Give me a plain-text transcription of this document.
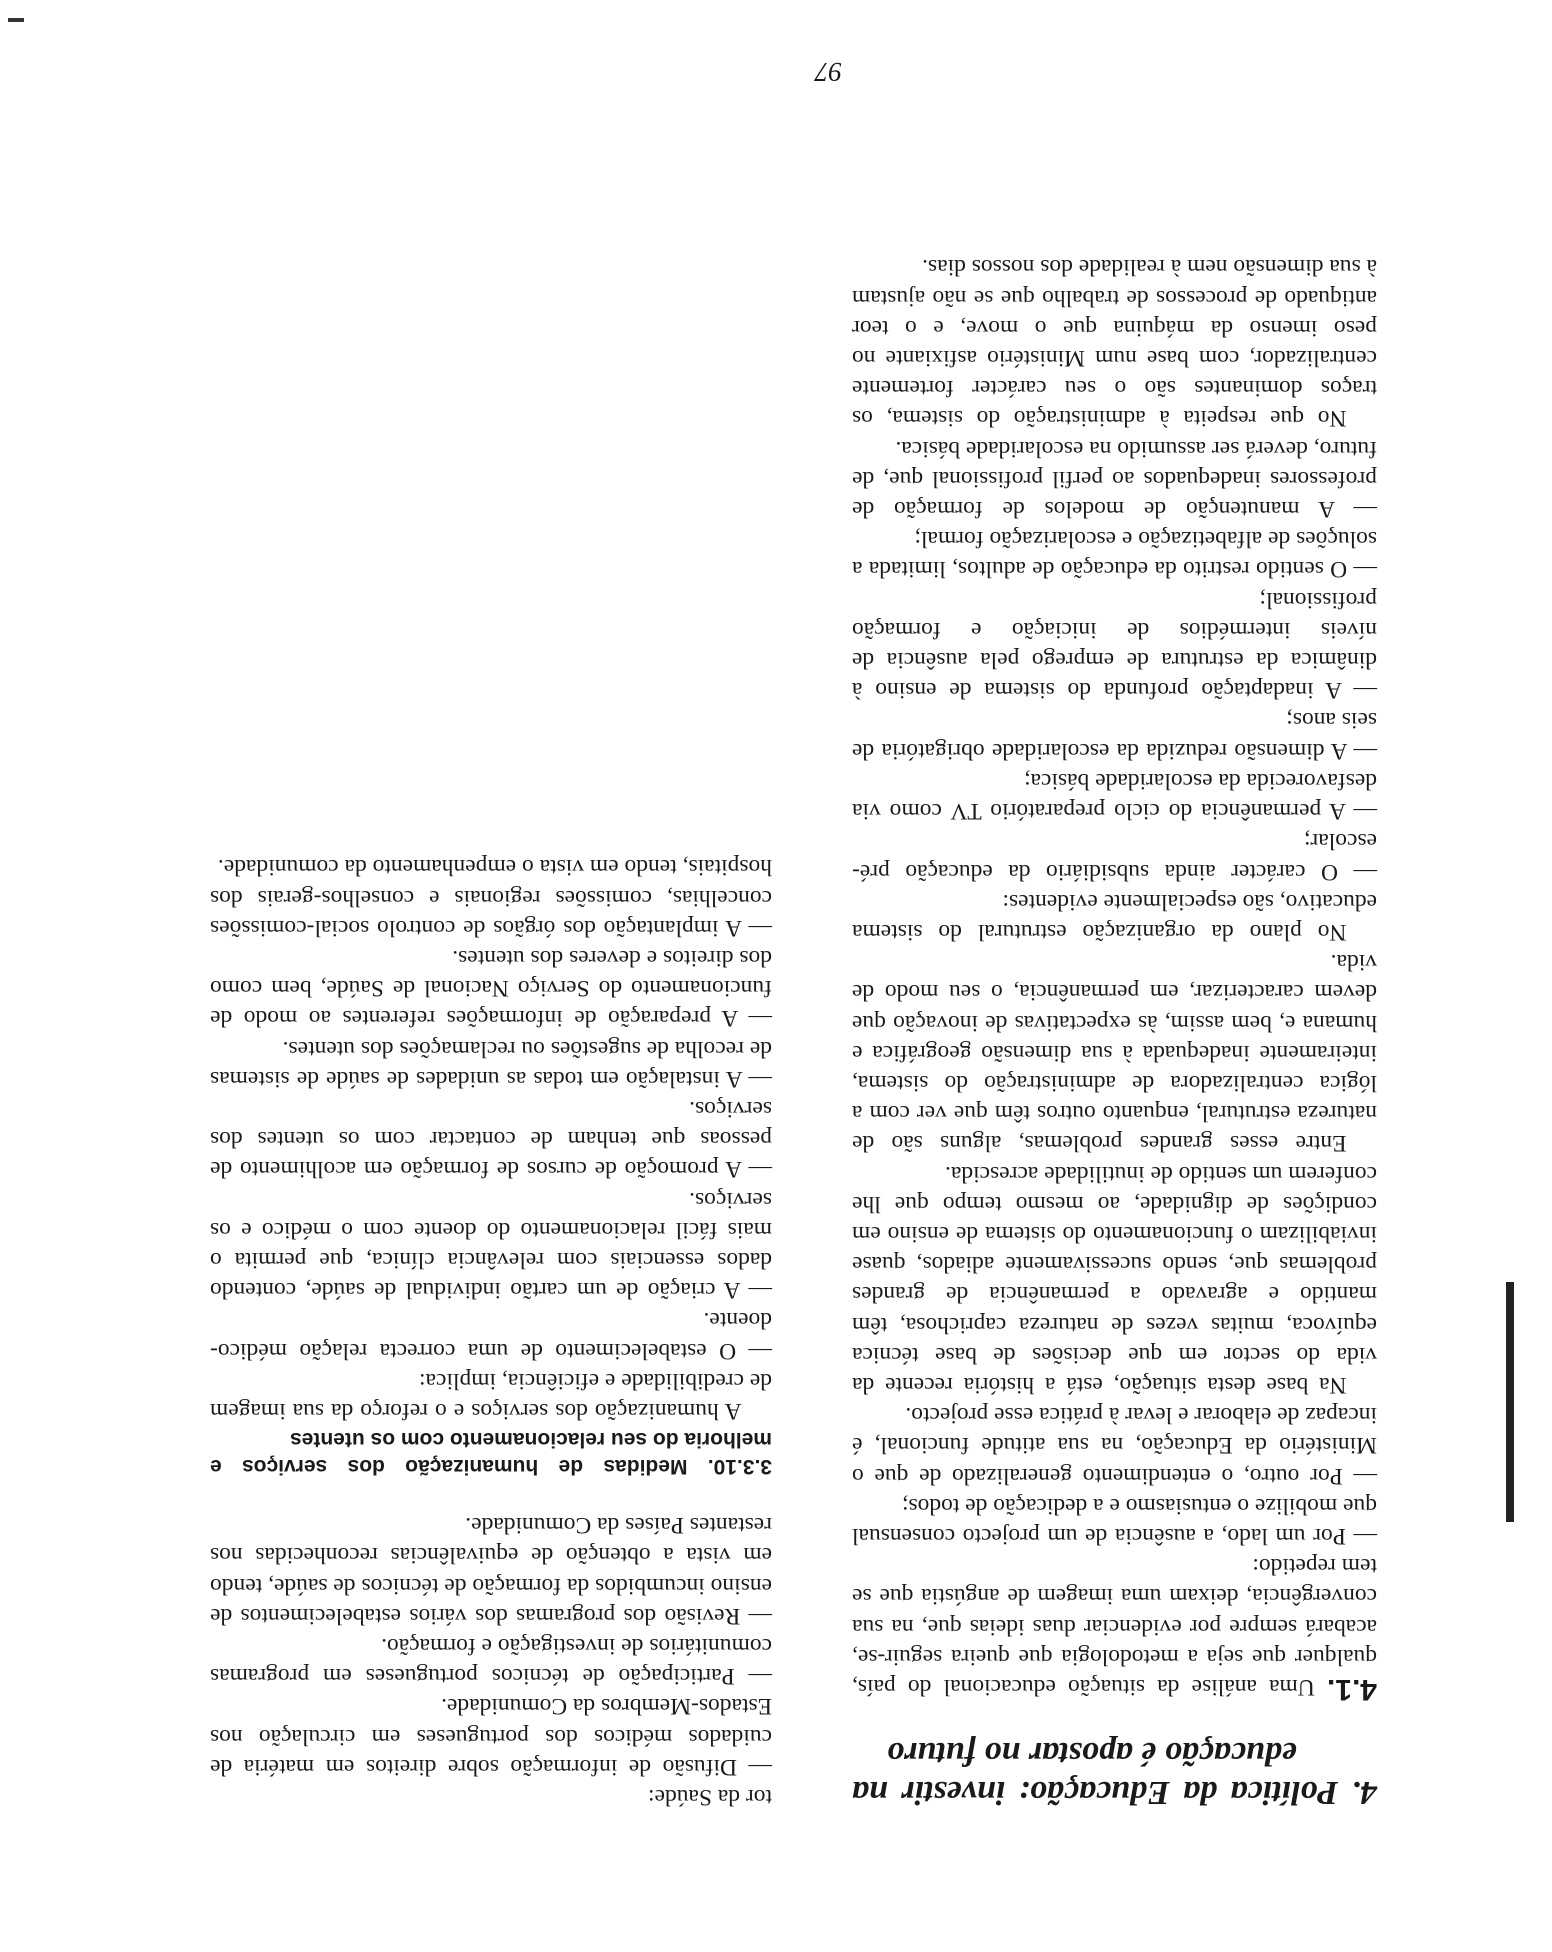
4. Política da Educação: investir na educação é apostar no futuro

4.1. Uma análise da situação educacional do país, qualquer que seja a metodologia que queira seguir-se, acabará sempre por evidenciar duas ideias que, na sua convergência, deixam uma imagem de angústia que se tem repetido:

— Por um lado, a ausência de um projecto consensual que mobilize o entusiasmo e a dedicação de todos;

— Por outro, o entendimento generalizado de que o Ministério da Educação, na sua atitude funcional, é incapaz de elaborar e levar à prática esse projecto.

Na base desta situação, está a história recente da vida do sector em que decisões de base técnica equívoca, muitas vezes de natureza caprichosa, têm mantido e agravado a permanência de grandes problemas que, sendo sucessivamente adiados, quase inviabilizam o funcionamento do sistema de ensino em condições de dignidade, ao mesmo tempo que lhe conferem um sentido de inutilidade acrescida.

Entre esses grandes problemas, alguns são de natureza estrutural, enquanto outros têm que ver com a lógica centralizadora de administração do sistema, inteiramente inadequada à sua dimensão geográfica e humana e, bem assim, às expectativas de inovação que devem caracterizar, em permanência, o seu modo de vida.

No plano da organização estrutural do sistema educativo, são especialmente evidentes:

— O carácter ainda subsidiário da educação pré-escolar;

— A permanência do ciclo preparatório TV como via desfavorecida da escolaridade básica;

— A dimensão reduzida da escolaridade obrigatória de seis anos;

— A inadaptação profunda do sistema de ensino à dinâmica da estrutura de emprego pela ausência de níveis intermédios de iniciação e formação profissional;

— O sentido restrito da educação de adultos, limitada a soluções de alfabetização e escolarização formal;

— A manutenção de modelos de formação de professores inadequados ao perfil profissional que, de futuro, deverá ser assumido na escolaridade básica.

No que respeita à administração do sistema, os traços dominantes são o seu carácter fortemente centralizador, com base num Ministério asfixiante no peso imenso da máquina que o move, e o teor antiquado de processos de trabalho que se não ajustam à sua dimensão nem à realidade dos nossos dias.

tor da Saúde:

— Difusão de informação sobre direitos em matéria de cuidados médicos dos portugueses em circulação nos Estados-Membros da Comunidade.

— Participação de técnicos portugueses em programas comunitários de investigação e formação.

— Revisão dos programas dos vários estabelecimentos de ensino incumbidos da formação de técnicos de saúde, tendo em vista a obtenção de equivalências reconhecidas nos restantes Países da Comunidade.

3.3.10. Medidas de humanização dos serviços e melhoria do seu relacionamento com os utentes

A humanização dos serviços e o reforço da sua imagem de credibilidade e eficiência, implica:

— O estabelecimento de uma correcta relação médico-doente.

— A criação de um cartão individual de saúde, contendo dados essenciais com relevância clínica, que permita o mais fácil relacionamento do doente com o médico e os serviços.

— A promoção de cursos de formação em acolhimento de pessoas que tenham de contactar com os utentes dos serviços.

— A instalação em todas as unidades de saúde de sistemas de recolha de sugestões ou reclamações dos utentes.

— A preparação de informações referentes ao modo de funcionamento do Serviço Nacional de Saúde, bem como dos direitos e deveres dos utentes.

— A implantação dos órgãos de controlo social-comissões concelhias, comissões regionais e conselhos-gerais dos hospitais, tendo em vista o empenhamento da comunidade.

97
